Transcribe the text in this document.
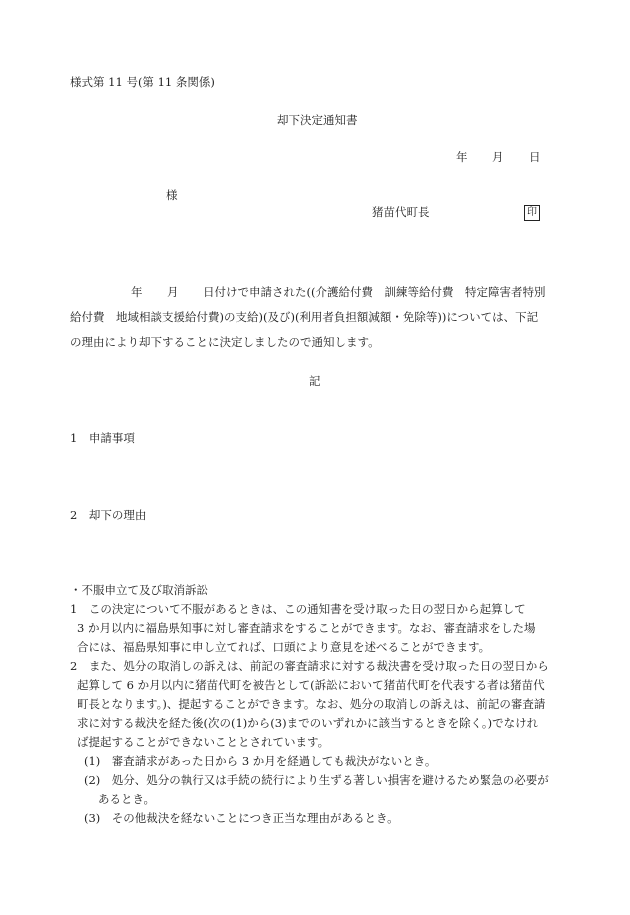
様式第 11 号(第 11 条関係)
却下決定通知書
年 月 日
様
猪苗代町長	印
年 月 日付けで申請された((介護給付費　訓練等給付費　特定障害者特別
給付費　地域相談支援給付費)の支給)(及び)(利用者負担額減額・免除等))については、下記
の理由により却下することに決定しましたので通知します。
記
1　申請事項
2　却下の理由
・不服申立て及び取消訴訟
1　この決定について不服があるときは、この通知書を受け取った日の翌日から起算して
3 か月以内に福島県知事に対し審査請求をすることができます。なお、審査請求をした場
合には、福島県知事に申し立てれば、口頭により意見を述べることができます。
2　また、処分の取消しの訴えは、前記の審査請求に対する裁決書を受け取った日の翌日から
起算して 6 か月以内に猪苗代町を被告として(訴訟において猪苗代町を代表する者は猪苗代
町長となります。)、提起することができます。なお、処分の取消しの訴えは、前記の審査請
求に対する裁決を経た後(次の(1)から(3)までのいずれかに該当するときを除く。)でなけれ
ば提起することができないこととされています。
(1)　審査請求があった日から 3 か月を経過しても裁決がないとき。
(2)　処分、処分の執行又は手続の続行により生ずる著しい損害を避けるため緊急の必要が
あるとき。
(3)　その他裁決を経ないことにつき正当な理由があるとき。
